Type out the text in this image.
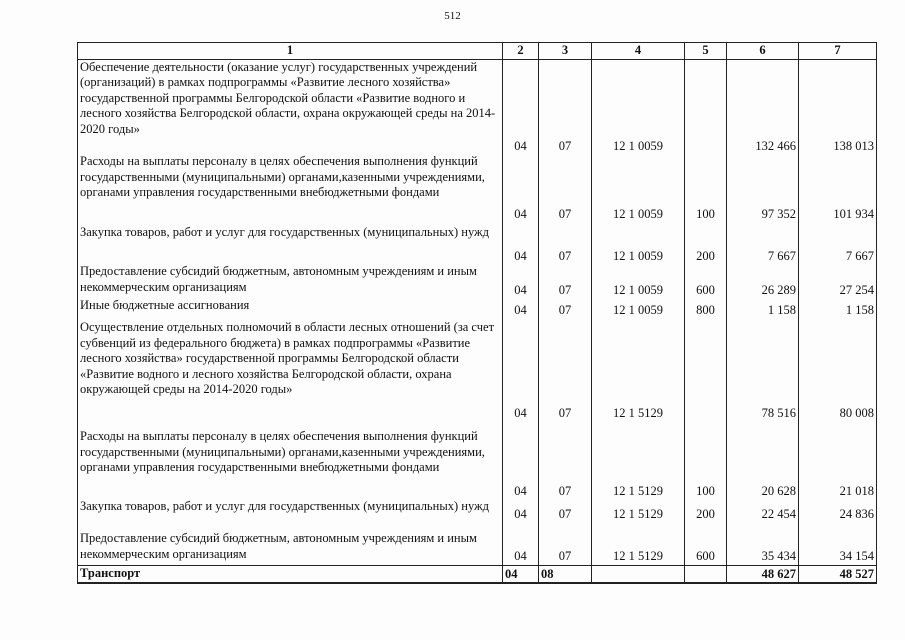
512
1	2	3	4	5	6	7
Обеспечение деятельности (оказание услуг) государственных учреждений (организаций) в рамках подпрограммы «Развитие лесного хозяйства» государственной программы Белгородской области «Развитие водного и лесного хозяйства Белгородской области, охрана окружающей среды на 2014-2020 годы»	04	07	12 1 0059		132 466	138 013
Расходы на выплаты персоналу в целях обеспечения выполнения функций государственными (муниципальными) органами,казенными учреждениями, органами управления государственными внебюджетными фондами	04	07	12 1 0059	100	97 352	101 934
Закупка товаров, работ и услуг для государственных (муниципальных) нужд	04	07	12 1 0059	200	7 667	7 667
Предоставление субсидий бюджетным, автономным учреждениям и иным некоммерческим организациям	04	07	12 1 0059	600	26 289	27 254
Иные бюджетные ассигнования	04	07	12 1 0059	800	1 158	1 158
Осуществление отдельных полномочий в области лесных отношений (за счет субвенций из федерального бюджета) в рамках подпрограммы «Развитие лесного хозяйства» государственной программы Белгородской области «Развитие водного и лесного хозяйства Белгородской области, охрана окружающей среды на 2014-2020 годы»	04	07	12 1 5129		78 516	80 008
Расходы на выплаты персоналу в целях обеспечения выполнения функций государственными (муниципальными) органами,казенными учреждениями, органами управления государственными внебюджетными фондами	04	07	12 1 5129	100	20 628	21 018
Закупка товаров, работ и услуг для государственных (муниципальных) нужд	04	07	12 1 5129	200	22 454	24 836
Предоставление субсидий бюджетным, автономным учреждениям и иным некоммерческим организациям	04	07	12 1 5129	600	35 434	34 154
Транспорт	04	08			48 627	48 527
